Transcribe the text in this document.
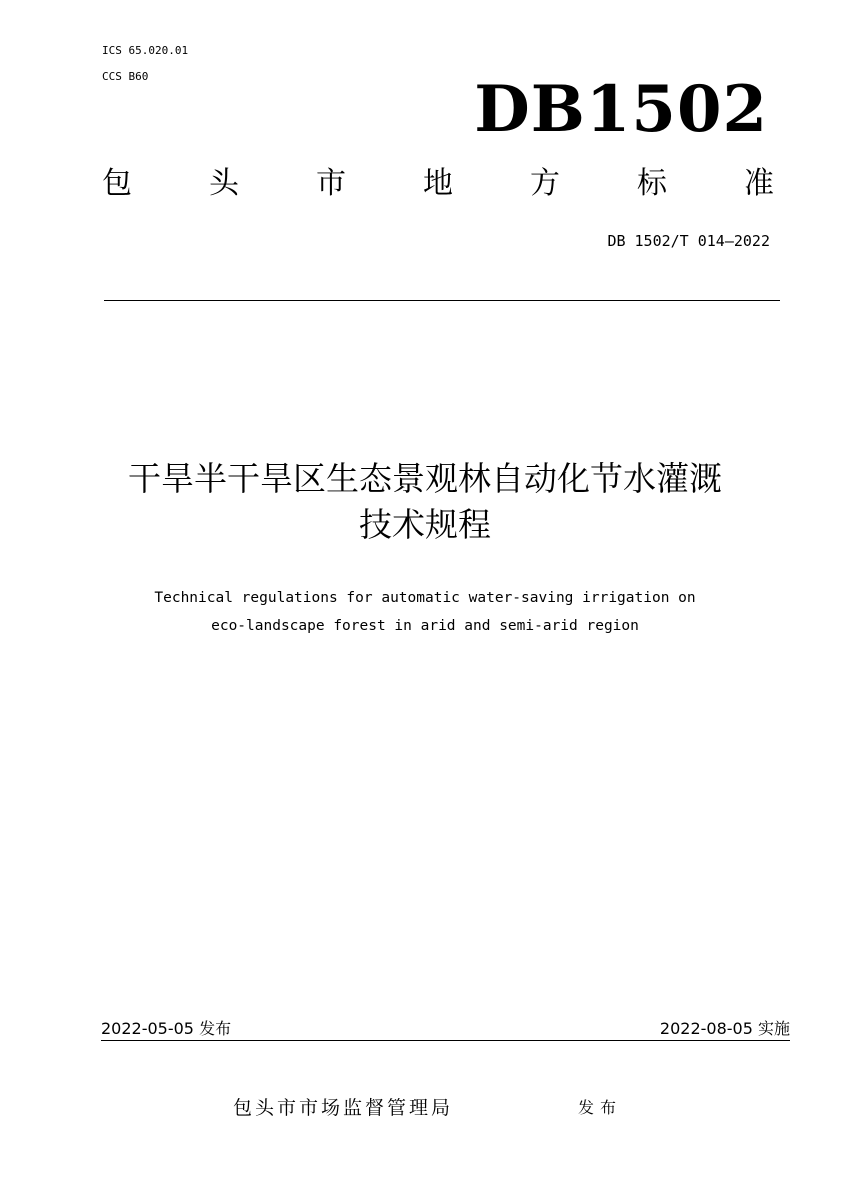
ICS 65.020.01
CCS B60	DB1502
包	头	市	地	方	标	准
DB 1502/T 014—2022
干旱半干旱区生态景观林自动化节水灌溉
技术规程
Technical regulations for automatic water-saving irrigation on
eco-landscape forest in arid and semi-arid region
2022-05-05 发布	2022-08-05 实施
包头市市场监督管理局	发布
